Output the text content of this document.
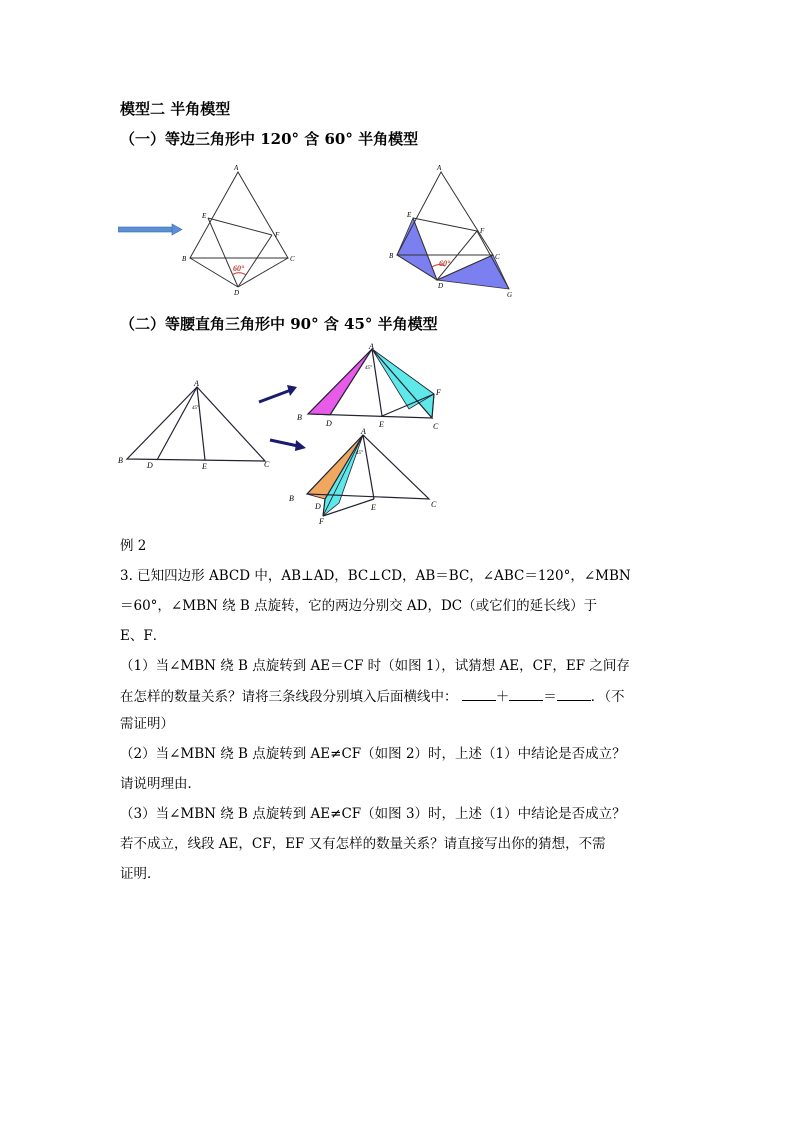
模型二 半角模型
（一）等边三角形中 120° 含 60° 半角模型
（二）等腰直角三角形中 90° 含 45° 半角模型
A
B	C
D
E
F
60°
A
B	C
D
E
F
G
60°
A
B	C
D	E
45°
A
B
C
D	E
F
45°
A
B
C
D	E
F
45°
例 2
3. 已知四边形 ABCD 中，AB⊥AD，BC⊥CD，AB＝BC，∠ABC＝120°，∠MBN
＝60°，∠MBN 绕 B 点旋转，它的两边分别交 AD，DC（或它们的延长线）于
E、F．
（1）当∠MBN 绕 B 点旋转到 AE＝CF 时（如图 1），试猜想 AE，CF，EF 之间存
在怎样的数量关系？请将三条线段分别填入后面横线中：	＋	＝	．（不
需证明）
（2）当∠MBN 绕 B 点旋转到 AE≠CF（如图 2）时，上述（1）中结论是否成立？
请说明理由．
（3）当∠MBN 绕 B 点旋转到 AE≠CF（如图 3）时，上述（1）中结论是否成立？
若不成立，线段 AE，CF，EF 又有怎样的数量关系？请直接写出你的猜想，不需
证明．
